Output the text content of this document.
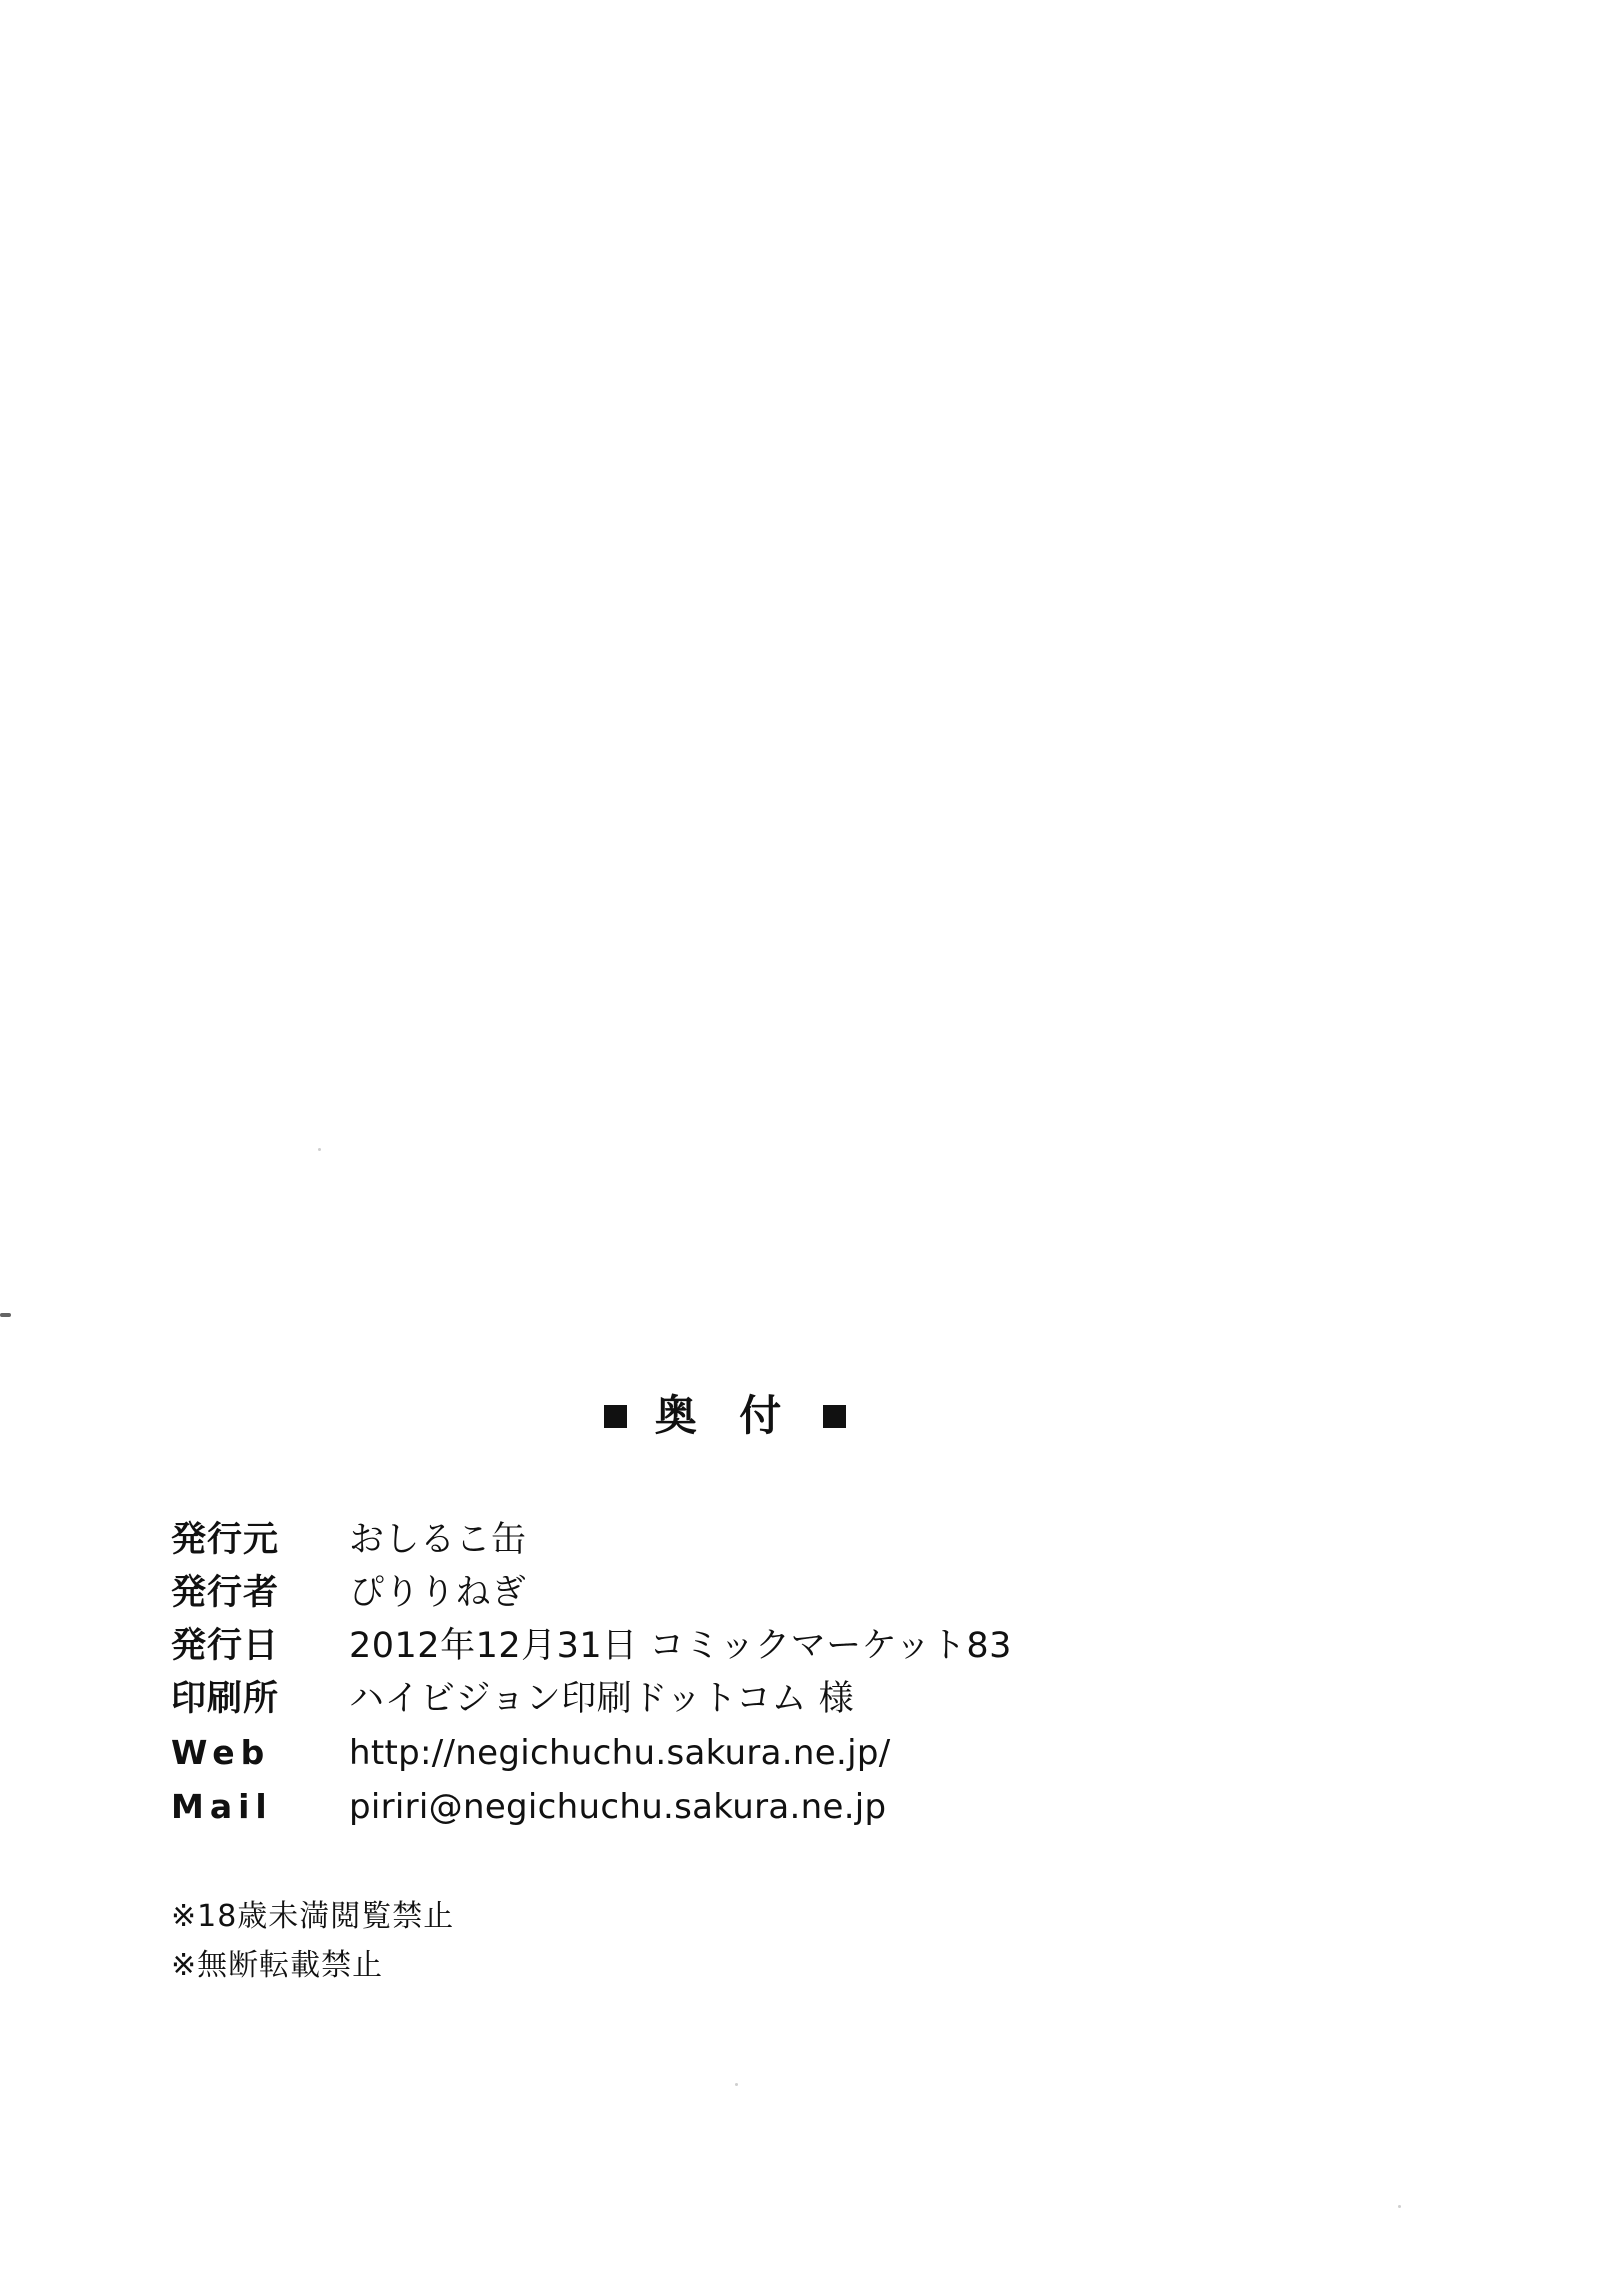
奥 付
発行元	おしるこ缶
発行者	ぴりりねぎ
発行日	2012年12月31日 コミックマーケット83
印刷所	ハイビジョン印刷ドットコム 様
Web	http://negichuchu.sakura.ne.jp/
Mail	piriri@negichuchu.sakura.ne.jp
※18歳未満閲覧禁止
※無断転載禁止
